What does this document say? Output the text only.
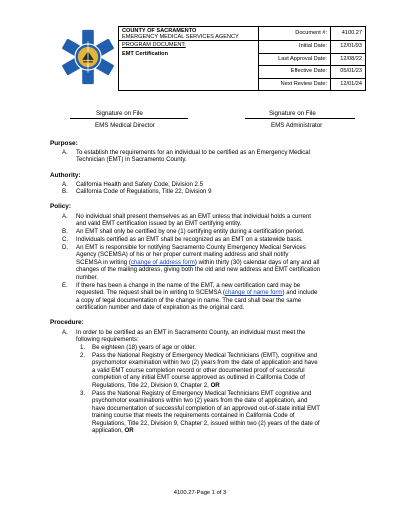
COUNTY OF SACRAMENTO
EMERGENCY MEDICAL SERVICES AGENCY	Document #:	4100.27

PROGRAM DOCUMENT:
EMT Certification	Initial Date:	12/01/93
	Last Approval Date:	12/08/22
	Effective Date:	05/01/23
	Next Review Date:	12/01/24
Signature on File
EMS Medical Director
Signature on File
EMS Administrator
Purpose:
A. To establish the requirements for an individual to be certified as an Emergency Medical
Technician (EMT) in Sacramento County.
Authority:
A. California Health and Safety Code, Division 2.5
B. California Code of Regulations, Title 22, Division 9
Policy:
A. No individual shall present themselves as an EMT unless that individual holds a current
and valid EMT certification issued by an EMT certifying entity.
B. An EMT shall only be certified by one (1) certifying entity during a certification period.
C. Individuals certified as an EMT shall be recognized as an EMT on a statewide basis.
D. An EMT is responsible for notifying Sacramento County Emergency Medical Services
Agency (SCEMSA) of his or her proper current mailing address and shall notify
SCEMSA in writing (change of address form) within thirty (30) calendar days of any and all
changes of the mailing address, giving both the old and new address and EMT certification
number.
E. If there has been a change in the name of the EMT, a new certification card may be
requested. The request shall be in writing to SCEMSA (change of name form) and include
a copy of legal documentation of the change in name. The card shall bear the same
certification number and date of expiration as the original card.
Procedure:
A. In order to be certified as an EMT in Sacramento County, an individual must meet the
following requirements:
1. Be eighteen (18) years of age or older.
2. Pass the National Registry of Emergency Medical Technicians (EMT), cognitive and
psychomotor examination within two (2) years from the date of application and have
a valid EMT course completion record or other documented proof of successful
completion of any initial EMT course approved as outlined in California Code of
Regulations, Title 22, Division 9, Chapter 2, OR
3. Pass the National Registry of Emergency Medical Technicians EMT cognitive and
psychomotor examinations within two (2) years from the date of application, and
have documentation of successful completion of an approved out-of-state initial EMT
training course that meets the requirements contained in California Code of
Regulations, Title 22, Division 9, Chapter 2, issued within two (2) years of the date of
application, OR
4100.27-Page 1 of 3
